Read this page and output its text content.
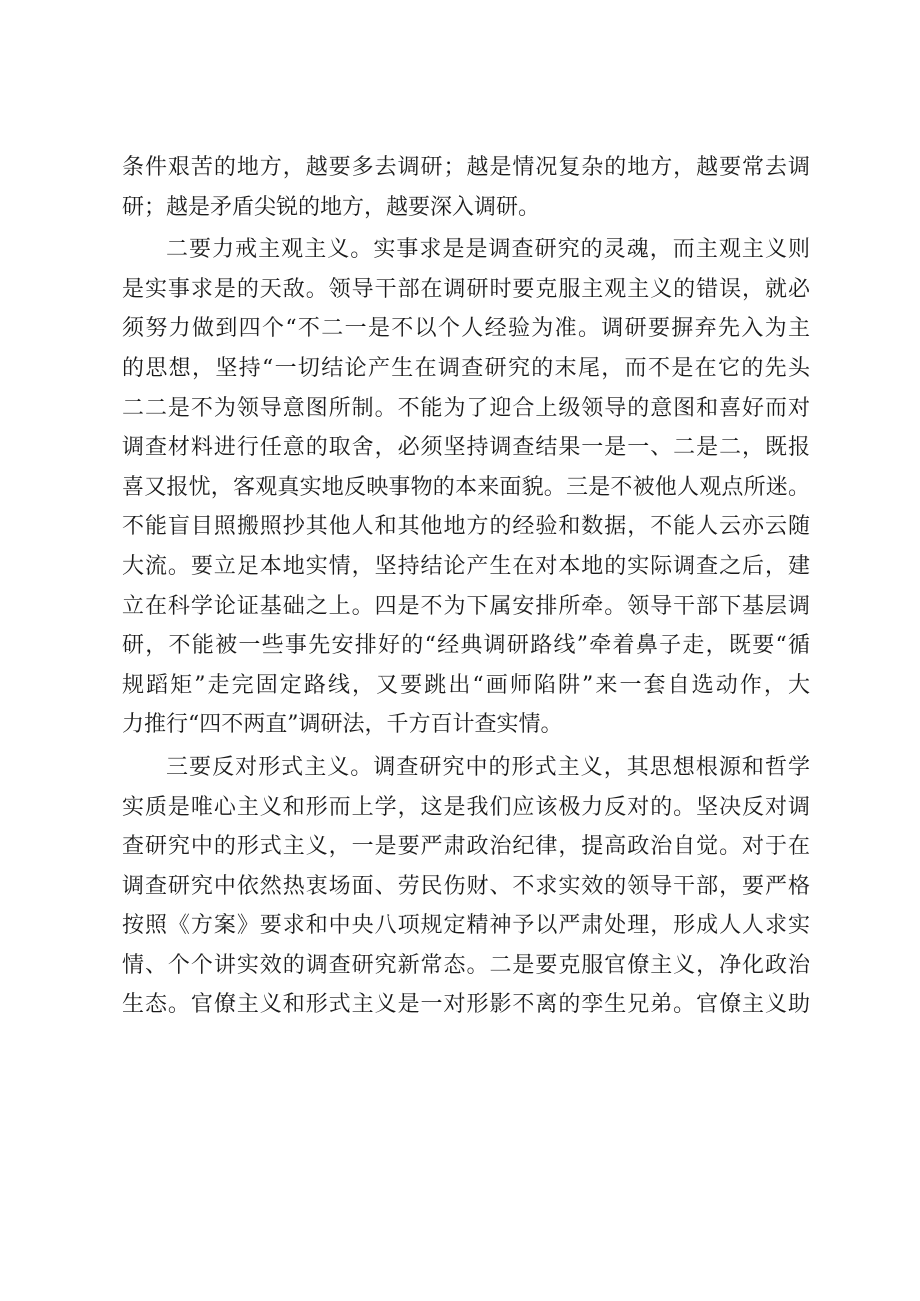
条件艰苦的地方，越要多去调研；越是情况复杂的地方，越要常去调
研；越是矛盾尖锐的地方，越要深入调研。
二要力戒主观主义。实事求是是调查研究的灵魂，而主观主义则
是实事求是的天敌。领导干部在调研时要克服主观主义的错误，就必
须努力做到四个“不二一是不以个人经验为准。调研要摒弃先入为主
的思想，坚持“一切结论产生在调查研究的末尾，而不是在它的先头
二二是不为领导意图所制。不能为了迎合上级领导的意图和喜好而对
调查材料进行任意的取舍，必须坚持调查结果一是一、二是二，既报
喜又报忧，客观真实地反映事物的本来面貌。三是不被他人观点所迷。
不能盲目照搬照抄其他人和其他地方的经验和数据，不能人云亦云随
大流。要立足本地实情，坚持结论产生在对本地的实际调查之后，建
立在科学论证基础之上。四是不为下属安排所牵。领导干部下基层调
研，不能被一些事先安排好的“经典调研路线”牵着鼻子走，既要“循
规蹈矩”走完固定路线，又要跳出“画师陷阱”来一套自选动作，大
力推行“四不两直”调研法，千方百计查实情。
三要反对形式主义。调查研究中的形式主义，其思想根源和哲学
实质是唯心主义和形而上学，这是我们应该极力反对的。坚决反对调
查研究中的形式主义，一是要严肃政治纪律，提高政治自觉。对于在
调查研究中依然热衷场面、劳民伤财、不求实效的领导干部，要严格
按照《方案》要求和中央八项规定精神予以严肃处理，形成人人求实
情、个个讲实效的调查研究新常态。二是要克服官僚主义，净化政治
生态。官僚主义和形式主义是一对形影不离的孪生兄弟。官僚主义助
